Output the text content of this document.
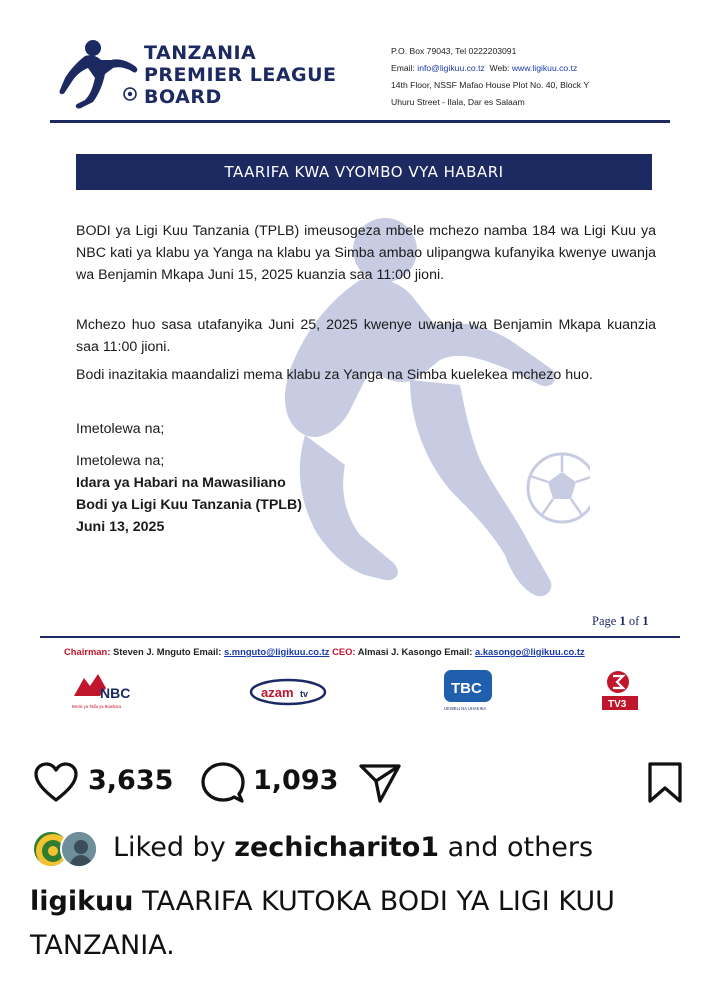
TANZANIA
PREMIER LEAGUE
BOARD
P.O. Box 79043, Tel 0222203091
Email: info@ligikuu.co.tz Web: www.ligikuu.co.tz
14th Floor, NSSF Mafao House Plot No. 40, Block Y
Uhuru Street - Ilala, Dar es Salaam
TAARIFA KWA VYOMBO VYA HABARI

BODI ya Ligi Kuu Tanzania (TPLB) imeusogeza mbele mchezo namba 184 wa Ligi Kuu ya NBC kati ya klabu ya Yanga na klabu ya Simba ambao ulipangwa kufanyika kwenye uwanja wa Benjamin Mkapa Juni 15, 2025 kuanzia saa 11:00 jioni.

Mchezo huo sasa utafanyika Juni 25, 2025 kwenye uwanja wa Benjamin Mkapa kuanzia saa 11:00 jioni.

Bodi inazitakia maandalizi mema klabu za Yanga na Simba kuelekea mchezo huo.

Imetolewa na;

Imetolewa na;
Idara ya Habari na Mawasiliano
Bodi ya Ligi Kuu Tanzania (TPLB)
Juni 13, 2025
Page 1 of 1
Chairman: Steven J. Mnguto Email: s.mnguto@ligikuu.co.tz CEO: Almasi J. Kasongo Email: a.kasongo@ligikuu.co.tz
NBC
Benki ya Taifa ya Biashara
azam tv	TBC
UKWELI NA UHAKIKA	TV3
3,635	1,093
Liked by zechicharito1 and others
ligikuu TAARIFA KUTOKA BODI YA LIGI KUU TANZANIA.
